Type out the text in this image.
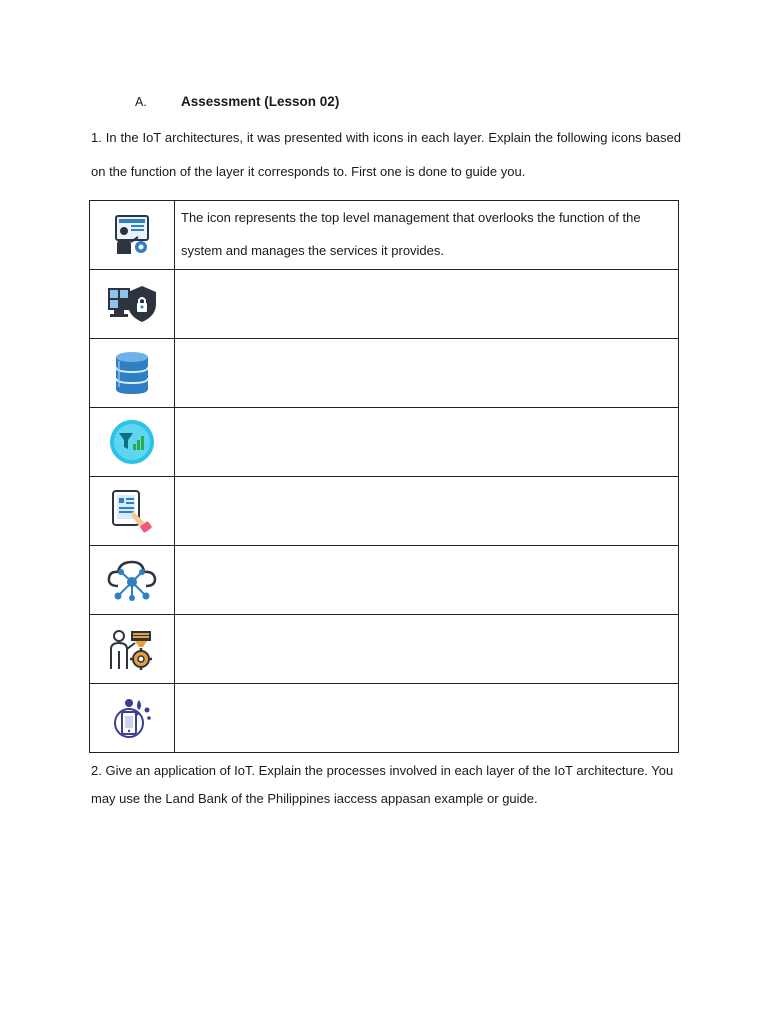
A.	Assessment (Lesson 02)
1. In the IoT architectures, it was presented with icons in each layer. Explain the following icons based on the function of the layer it corresponds to. First one is done to guide you.
	The icon represents the top level management that overlooks the function of the system and manages the services it provides.

2. Give an application of IoT. Explain the processes involved in each layer of the IoT architecture. You may use the Land Bank of the Philippines iaccess appasan example or guide.
